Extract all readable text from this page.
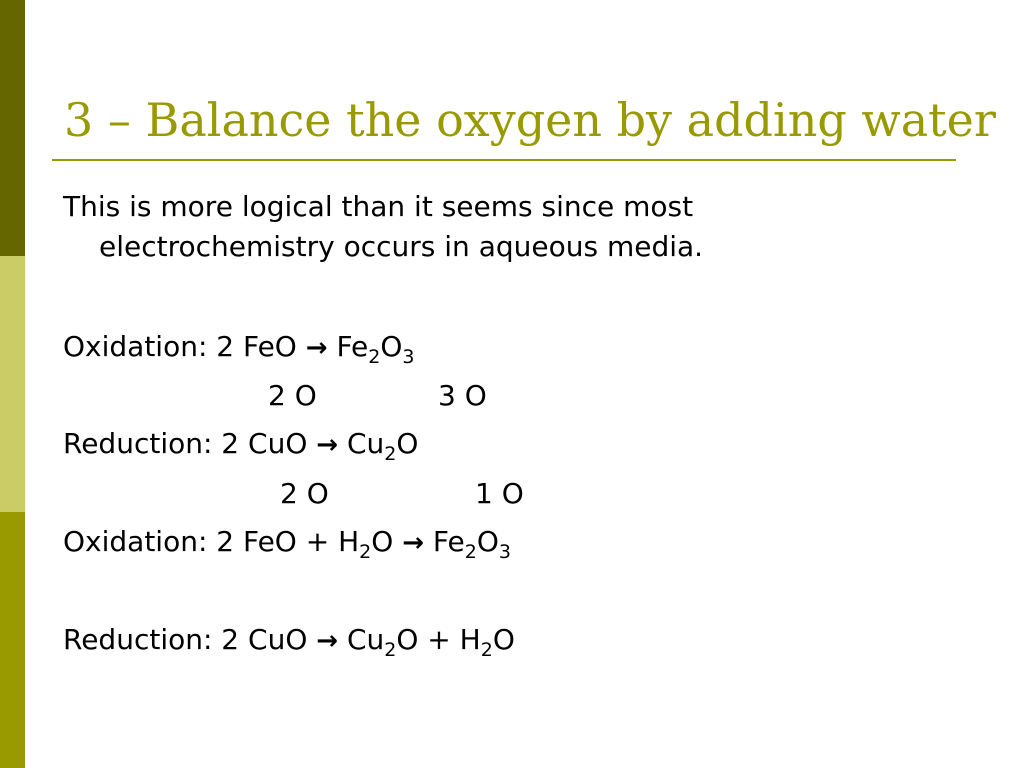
3 – Balance the oxygen by adding water
This is more logical than it seems since most
electrochemistry occurs in aqueous media.
Oxidation: 2 FeO → $Fe_2O_3$
2 O	3 O
Reduction: 2 CuO → $Cu_2O$
2 O	1 O
Oxidation: 2 FeO + $H_2O \to Fe_2O_3$
Reduction: 2 CuO → $Cu_2O + H_2O$
